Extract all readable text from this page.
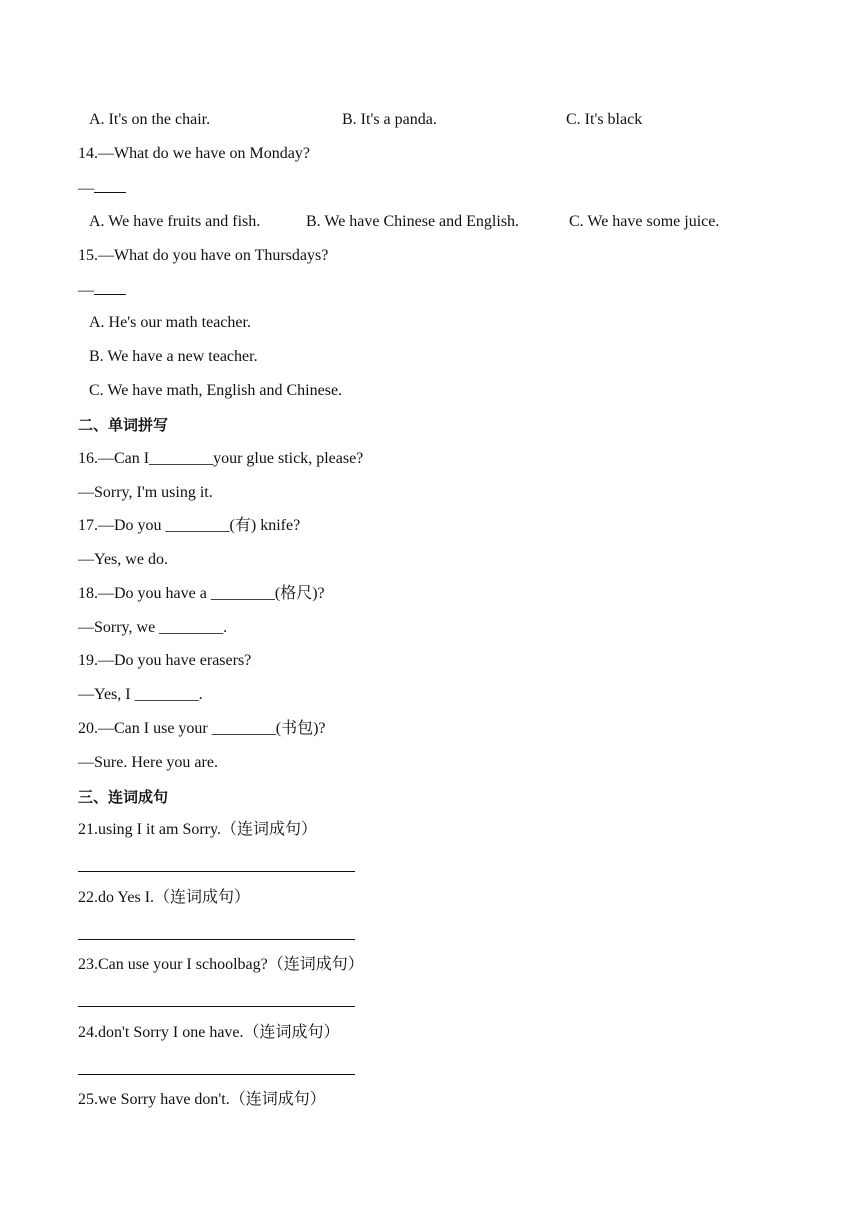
A. It's on the chair.	B. It's a panda.	C. It's black
14.—What do we have on Monday?
—
A. We have fruits and fish.	B. We have Chinese and English.	C. We have some juice.
15.—What do you have on Thursdays?
—
A. He's our math teacher.
B. We have a new teacher.
C. We have math, English and Chinese.
二、单词拼写
16.—Can I________your glue stick, please?
—Sorry, I'm using it.
17.—Do you ________(有) knife?
—Yes, we do.
18.—Do you have a ________(格尺)?
—Sorry, we ________.
19.—Do you have erasers?
—Yes, I ________.
20.—Can I use your ________(书包)?
—Sure. Here you are.
三、连词成句
21.using I it am Sorry.（连词成句）
22.do Yes I.（连词成句）
23.Can use your I schoolbag?（连词成句）
24.don't Sorry I one have.（连词成句）
25.we Sorry have don't.（连词成句）
